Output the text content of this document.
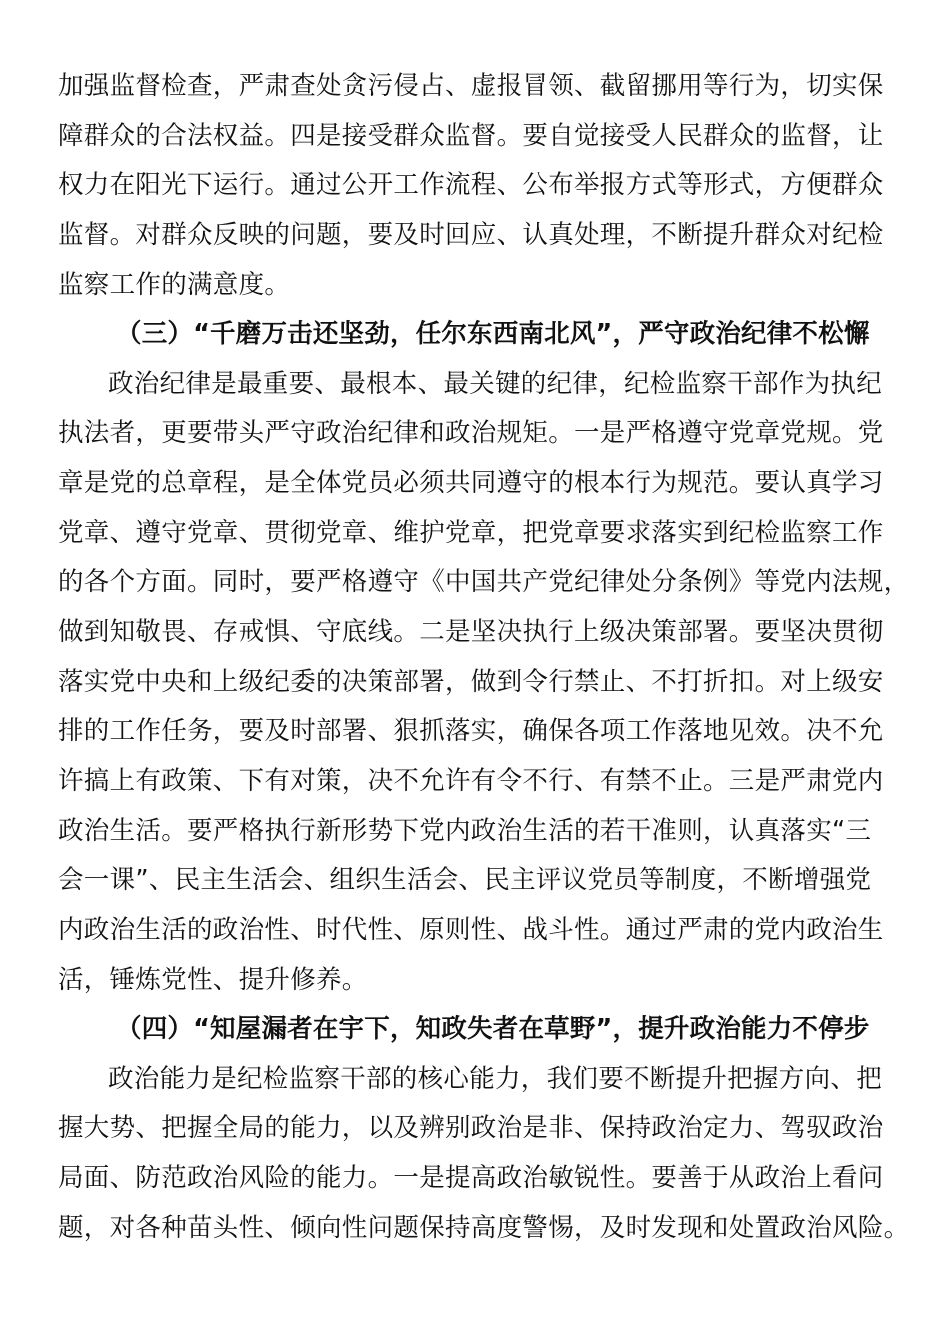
加强监督检查，严肃查处贪污侵占、虚报冒领、截留挪用等行为，切实保
障群众的合法权益。四是接受群众监督。要自觉接受人民群众的监督，让
权力在阳光下运行。通过公开工作流程、公布举报方式等形式，方便群众
监督。对群众反映的问题，要及时回应、认真处理，不断提升群众对纪检
监察工作的满意度。
（三）“千磨万击还坚劲，任尔东西南北风”，严守政治纪律不松懈
政治纪律是最重要、最根本、最关键的纪律，纪检监察干部作为执纪
执法者，更要带头严守政治纪律和政治规矩。一是严格遵守党章党规。党
章是党的总章程，是全体党员必须共同遵守的根本行为规范。要认真学习
党章、遵守党章、贯彻党章、维护党章，把党章要求落实到纪检监察工作
的各个方面。同时，要严格遵守《中国共产党纪律处分条例》等党内法规，
做到知敬畏、存戒惧、守底线。二是坚决执行上级决策部署。要坚决贯彻
落实党中央和上级纪委的决策部署，做到令行禁止、不打折扣。对上级安
排的工作任务，要及时部署、狠抓落实，确保各项工作落地见效。决不允
许搞上有政策、下有对策，决不允许有令不行、有禁不止。三是严肃党内
政治生活。要严格执行新形势下党内政治生活的若干准则，认真落实“三
会一课”、民主生活会、组织生活会、民主评议党员等制度，不断增强党
内政治生活的政治性、时代性、原则性、战斗性。通过严肃的党内政治生
活，锤炼党性、提升修养。
（四）“知屋漏者在宇下，知政失者在草野”，提升政治能力不停步
政治能力是纪检监察干部的核心能力，我们要不断提升把握方向、把
握大势、把握全局的能力，以及辨别政治是非、保持政治定力、驾驭政治
局面、防范政治风险的能力。一是提高政治敏锐性。要善于从政治上看问
题，对各种苗头性、倾向性问题保持高度警惕，及时发现和处置政治风险。
